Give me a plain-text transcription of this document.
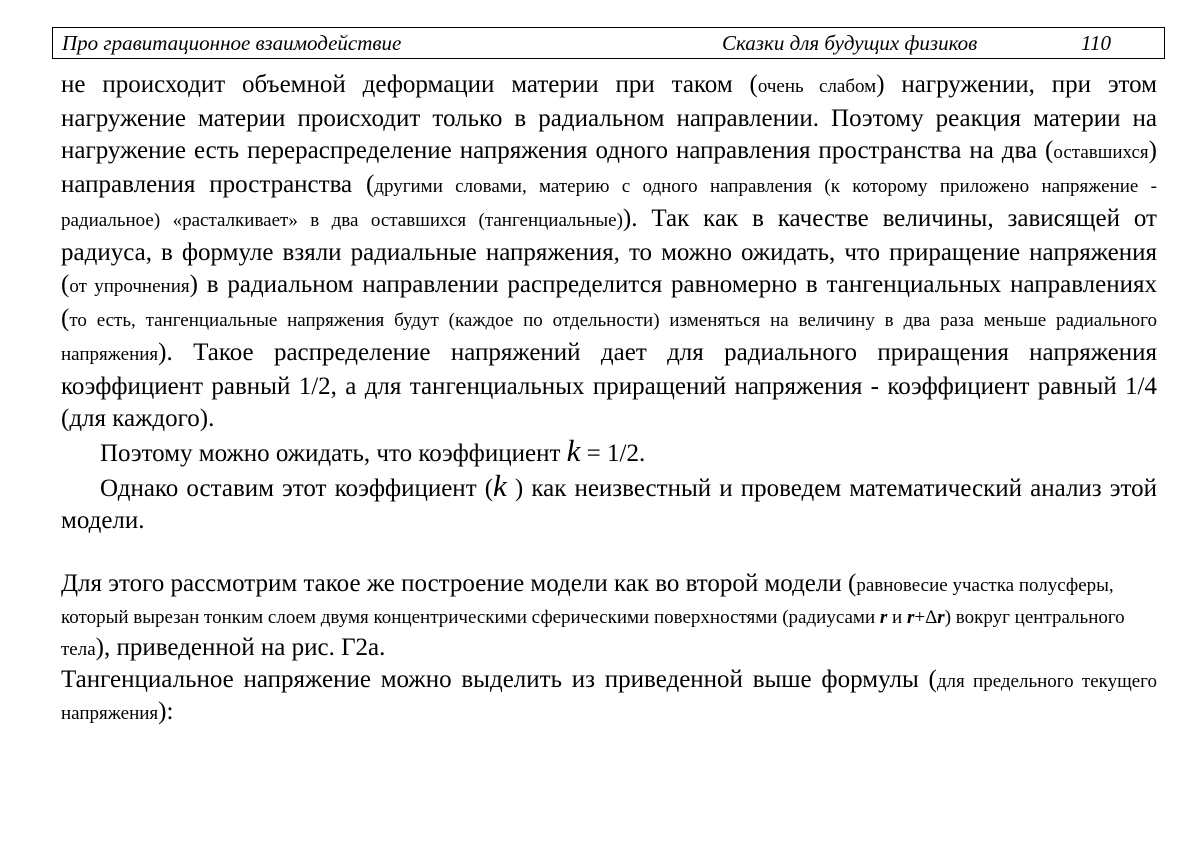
Про гравитационное взаимодействие	Сказки для будущих физиков	110

не происходит объемной деформации материи при таком (очень слабом) нагружении, при этом нагружение материи происходит только в радиальном направлении. Поэтому реакция материи на нагружение есть перераспределение напряжения одного направления пространства на два (оставшихся) направления пространства (другими словами, материю с одного направления (к которому приложено напряжение - радиальное) «расталкивает» в два оставшихся (тангенциальные)). Так как в качестве величины, зависящей от радиуса, в формуле взяли радиальные напряжения, то можно ожидать, что приращение напряжения (от упрочнения) в радиальном направлении распределится равномерно в тангенциальных направлениях (то есть, тангенциальные напряжения будут (каждое по отдельности) изменяться на величину в два раза меньше радиального напряжения). Такое распределение напряжений дает для радиального приращения напряжения коэффициент равный 1/2, а для тангенциальных приращений напряжения - коэффициент равный 1/4 (для каждого).

Поэтому можно ожидать, что коэффициент k = 1/2.

Однако оставим этот коэффициент (k ) как неизвестный и проведем математический анализ этой модели.

Для этого рассмотрим такое же построение модели как во второй модели (равновесие участка полусферы, который вырезан тонким слоем двумя концентрическими сферическими поверхностями (радиусами r и r+Δr) вокруг центрального тела), приведенной на рис. Г2а.

Тангенциальное напряжение можно выделить из приведенной выше формулы (для предельного текущего напряжения):
